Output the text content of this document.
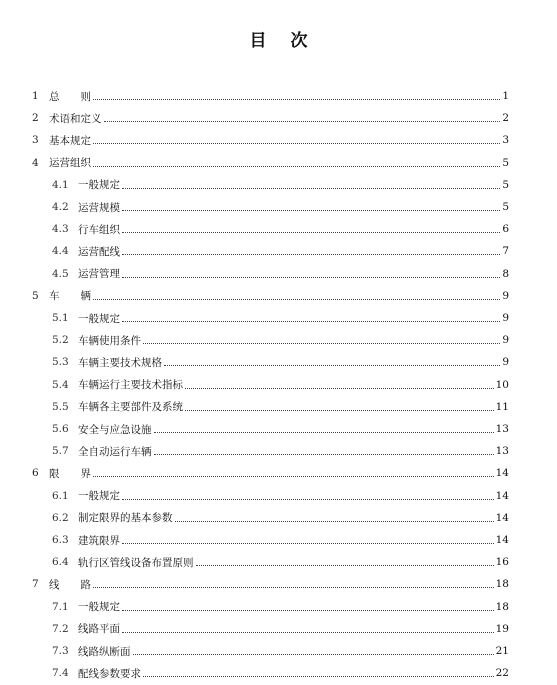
目 次
1 总　　则	1
2 术语和定义	2
3 基本规定	3
4 运营组织	5
4.1 一般规定	5
4.2 运营规模	5
4.3 行车组织	6
4.4 运营配线	7
4.5 运营管理	8
5 车　　辆	9
5.1 一般规定	9
5.2 车辆使用条件	9
5.3 车辆主要技术规格	9
5.4 车辆运行主要技术指标	10
5.5 车辆各主要部件及系统	11
5.6 安全与应急设施	13
5.7 全自动运行车辆	13
6 限　　界	14
6.1 一般规定	14
6.2 制定限界的基本参数	14
6.3 建筑限界	14
6.4 轨行区管线设备布置原则	16
7 线　　路	18
7.1 一般规定	18
7.2 线路平面	19
7.3 线路纵断面	21
7.4 配线参数要求	22
